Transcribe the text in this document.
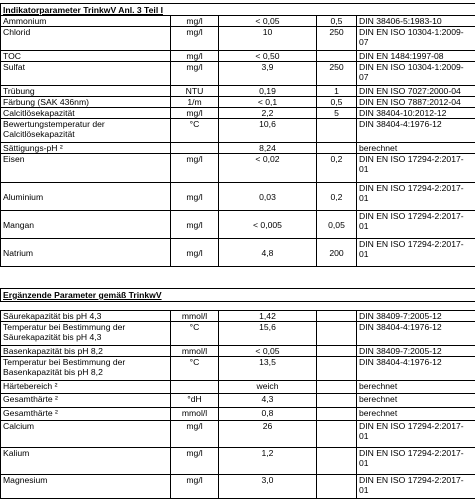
Indikatorparameter TrinkwV Anl. 3 Teil I				
Ammonium	mg/l	< 0,05	0,5	DIN 38406-5:1983-10
Chlorid	mg/l	10	250	DIN EN ISO 10304-1:2009-07
TOC	mg/l	< 0,50		DIN EN 1484:1997-08
Sulfat	mg/l	3,9	250	DIN EN ISO 10304-1:2009-07
Trübung	NTU	0,19	1	DIN EN ISO 7027:2000-04
Färbung (SAK 436nm)	1/m	< 0,1	0,5	DIN EN ISO 7887:2012-04
Calcitlösekapazität	mg/l	2,2	5	DIN 38404-10:2012-12
Bewertungstemperatur der Calcitlösekapazität	°C	10,6		DIN 38404-4:1976-12
Sättigungs-pH ²		8,24		berechnet
Eisen	mg/l	< 0,02	0,2	DIN EN ISO 17294-2:2017-01
Aluminium	mg/l	0,03	0,2	DIN EN ISO 17294-2:2017-01
Mangan	mg/l	< 0,005	0,05	DIN EN ISO 17294-2:2017-01
Natrium	mg/l	4,8	200	DIN EN ISO 17294-2:2017-01
Ergänzende Parameter gemäß TrinkwV				

Säurekapazität bis pH 4,3	mmol/l	1,42		DIN 38409-7:2005-12
Temperatur bei Bestimmung der Säurekapazität bis pH 4,3	°C	15,6		DIN 38404-4:1976-12
Basenkapazität bis pH 8,2	mmol/l	< 0,05		DIN 38409-7:2005-12
Temperatur bei Bestimmung der Basenkapazität bis pH 8,2	°C	13,5		DIN 38404-4:1976-12
Härtebereich ²		weich		berechnet
Gesamthärte ²	°dH	4,3		berechnet
Gesamthärte ²	mmol/l	0,8		berechnet
Calcium	mg/l	26		DIN EN ISO 17294-2:2017-01
Kalium	mg/l	1,2		DIN EN ISO 17294-2:2017-01
Magnesium	mg/l	3,0		DIN EN ISO 17294-2:2017-01
